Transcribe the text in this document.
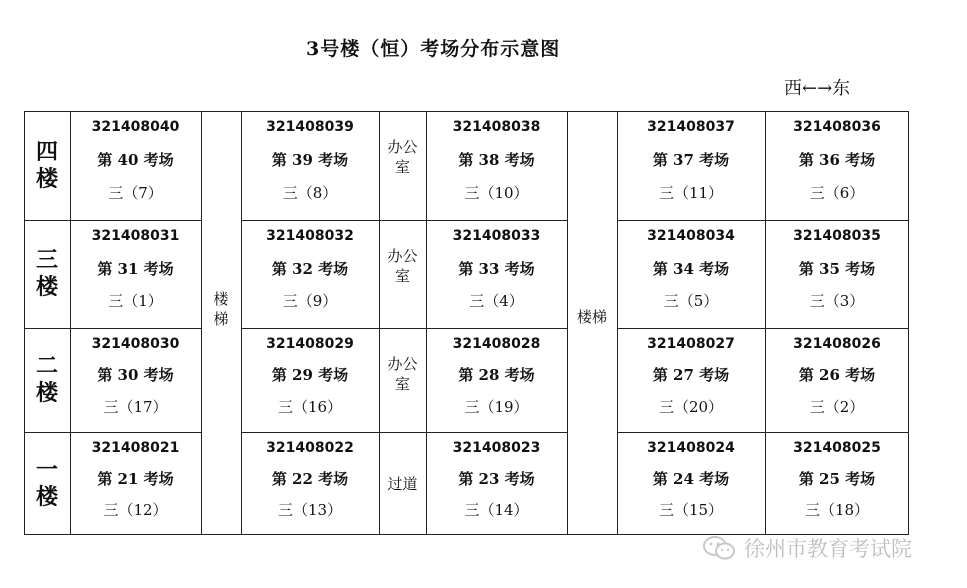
3号楼（恒）考场分布示意图
西←→东
四
楼
办公
室
321408040
第 40 考场
三（7）
321408039
第 39 考场
三（8）
321408038
第 38 考场
三（10）
321408037
第 37 考场
三（11）
321408036
第 36 考场
三（6）
三
楼
办公
室
321408031
第 31 考场
三（1）
321408032
第 32 考场
三（9）
321408033
第 33 考场
三（4）
321408034
第 34 考场
三（5）
321408035
第 35 考场
三（3）
二
楼
办公
室
321408030
第 30 考场
三（17）
321408029
第 29 考场
三（16）
321408028
第 28 考场
三（19）
321408027
第 27 考场
三（20）
321408026
第 26 考场
三（2）
一
楼	过道
321408021
第 21 考场
三（12）
321408022
第 22 考场
三（13）
321408023
第 23 考场
三（14）
321408024
第 24 考场
三（15）
321408025
第 25 考场
三（18）
楼
梯	楼梯
徐州市教育考试院
